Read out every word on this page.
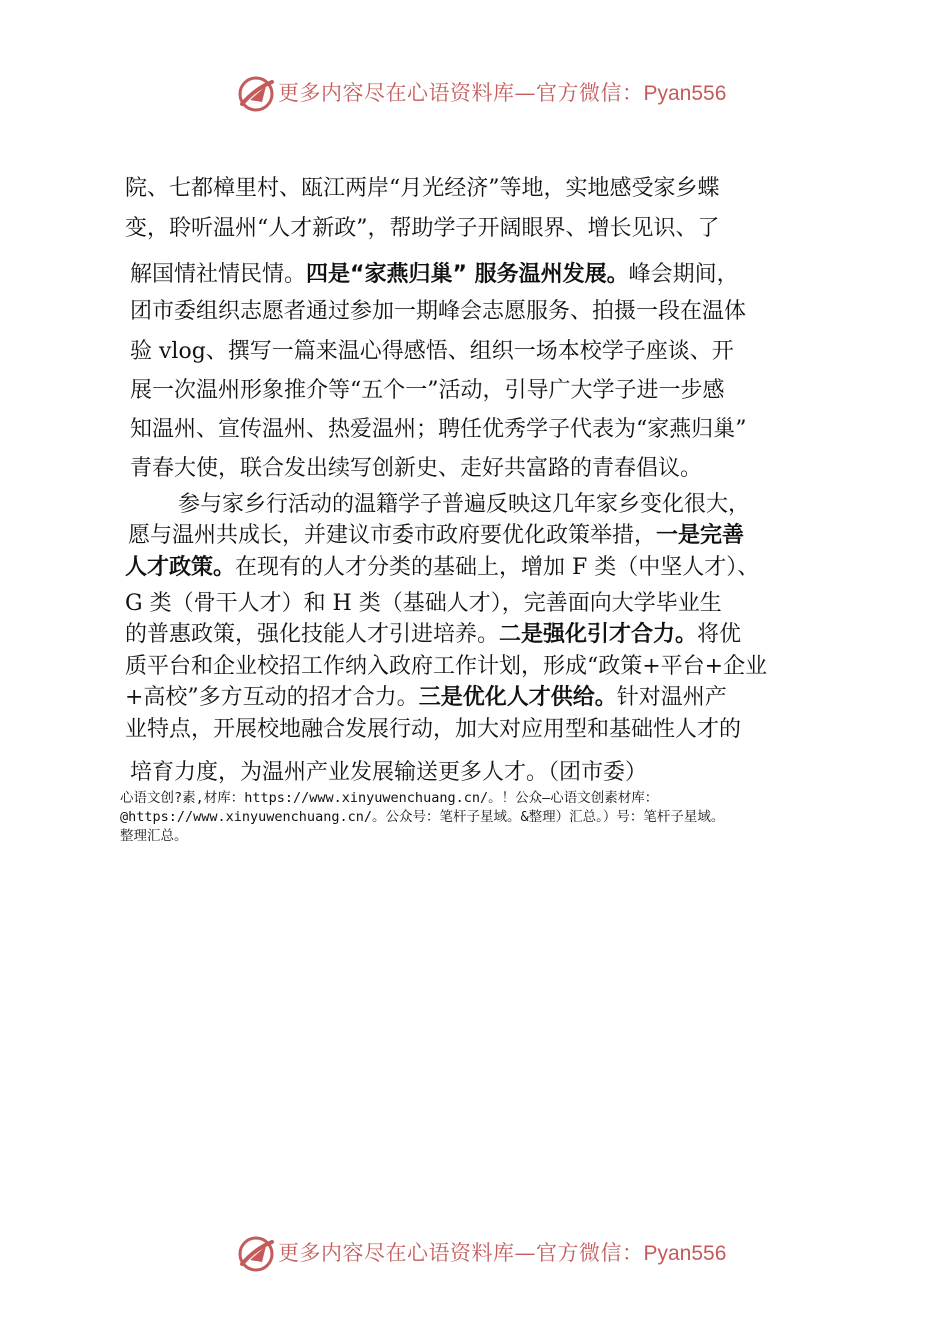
更多内容尽在心语资料库—官方微信：Pyan556
院、七都樟里村、瓯江两岸“月光经济”等地，实地感受家乡蝶
变，聆听温州“人才新政”，帮助学子开阔眼界、增长见识、了
解国情社情民情。四是“家燕归巢” 服务温州发展。峰会期间，
团市委组织志愿者通过参加一期峰会志愿服务、拍摄一段在温体
验 vlog、撰写一篇来温心得感悟、组织一场本校学子座谈、开
展一次温州形象推介等“五个一”活动，引导广大学子进一步感
知温州、宣传温州、热爱温州；聘任优秀学子代表为“家燕归巢”
青春大使，联合发出续写创新史、走好共富路的青春倡议。
参与家乡行活动的温籍学子普遍反映这几年家乡变化很大，
愿与温州共成长，并建议市委市政府要优化政策举措，一是完善
人才政策。在现有的人才分类的基础上，增加 F 类（中坚人才）、
G 类（骨干人才）和 H 类（基础人才），完善面向大学毕业生
的普惠政策，强化技能人才引进培养。二是强化引才合力。将优
质平台和企业校招工作纳入政府工作计划，形成“政策+平台+企业
+高校”多方互动的招才合力。三是优化人才供给。针对温州产
业特点，开展校地融合发展行动，加大对应用型和基础性人才的
培育力度，为温州产业发展输送更多人才。（团市委）
心语文创?素,材库：https://www.xinyuwenchuang.cn/。！公众—心语文创素材库：
@https://www.xinyuwenchuang.cn/。公众号：笔杆子星域。&整理）汇总。）号：笔杆子星域。
整理汇总。
更多内容尽在心语资料库—官方微信：Pyan556
